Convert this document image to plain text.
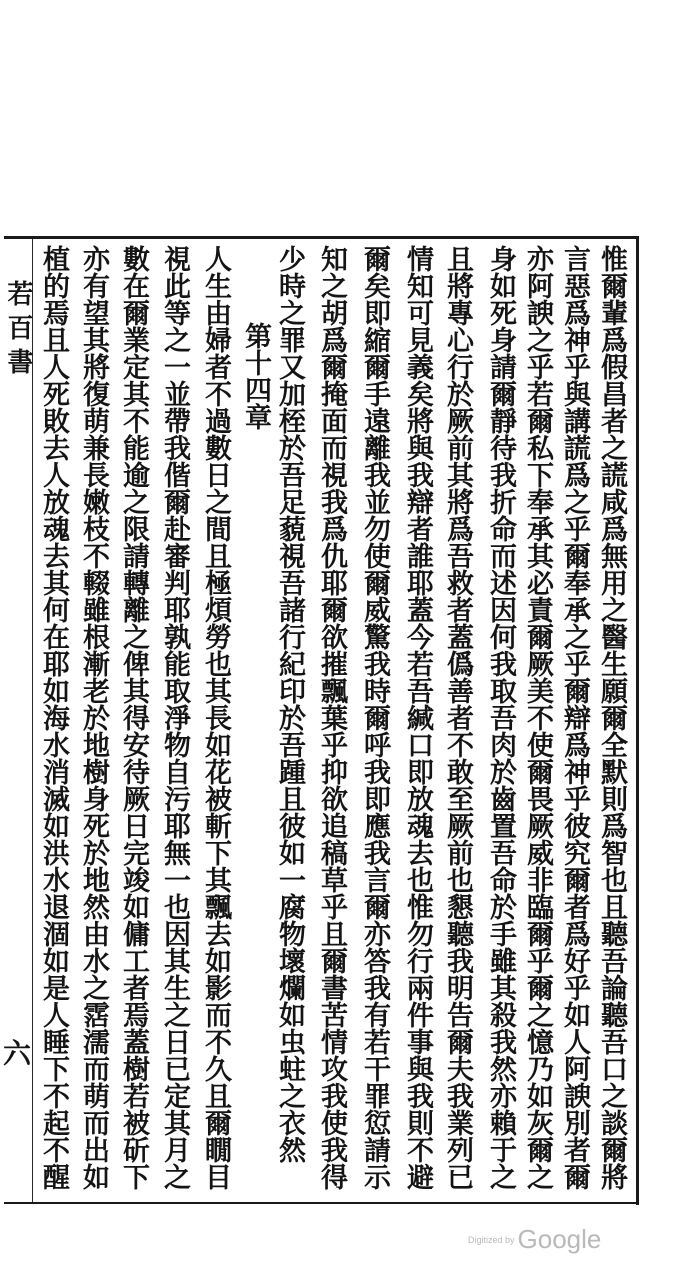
若百書
六	惟爾輩爲假昌者之謊咸爲無用之醫生願爾全默則爲智也且聽吾論聽吾口之談爾將
言惡爲神乎與講謊爲之乎爾奉承之乎爾辯爲神乎彼究爾者爲好乎如人阿諛別者爾
亦阿諛之乎若爾私下奉承其必責爾厥美不使爾畏厥威非臨爾乎爾之憶乃如灰爾之
身如死身請爾靜待我折命而述因何我取吾肉於齒置吾命於手雖其殺我然亦賴于之
且將專心行於厥前其將爲吾救者蓋僞善者不敢至厥前也懇聽我明告爾夫我業列已
情知可見義矣將與我辯者誰耶蓋今若吾緘口即放魂去也惟勿行兩件事與我則不避
爾矣即縮爾手遠離我並勿使爾威驚我時爾呼我即應我言爾亦答我有若干罪愆請示
知之胡爲爾掩面而視我爲仇耶爾欲摧飄葉乎抑欲追稿草乎且爾書苦情攻我使我得
少時之罪又加桎於吾足藐視吾諸行紀印於吾踵且彼如一腐物壞爛如虫蛀之衣然
第十四章
人生由婦者不過數日之間且極煩勞也其長如花被斬下其飄去如影而不久且爾瞯目
視此等之一並帶我偕爾赴審判耶孰能取淨物自污耶無一也因其生之日已定其月之
數在爾業定其不能逾之限請轉離之俾其得安待厥日完竣如傭工者焉蓋樹若被斫下
亦有望其將復萌兼長嫩枝不輟雖根漸老於地樹身死於地然由水之霑濡而萌而出如
植的焉且人死敗去人放魂去其何在耶如海水消滅如洪水退涸如是人睡下不起不醒
Digitized by Google
